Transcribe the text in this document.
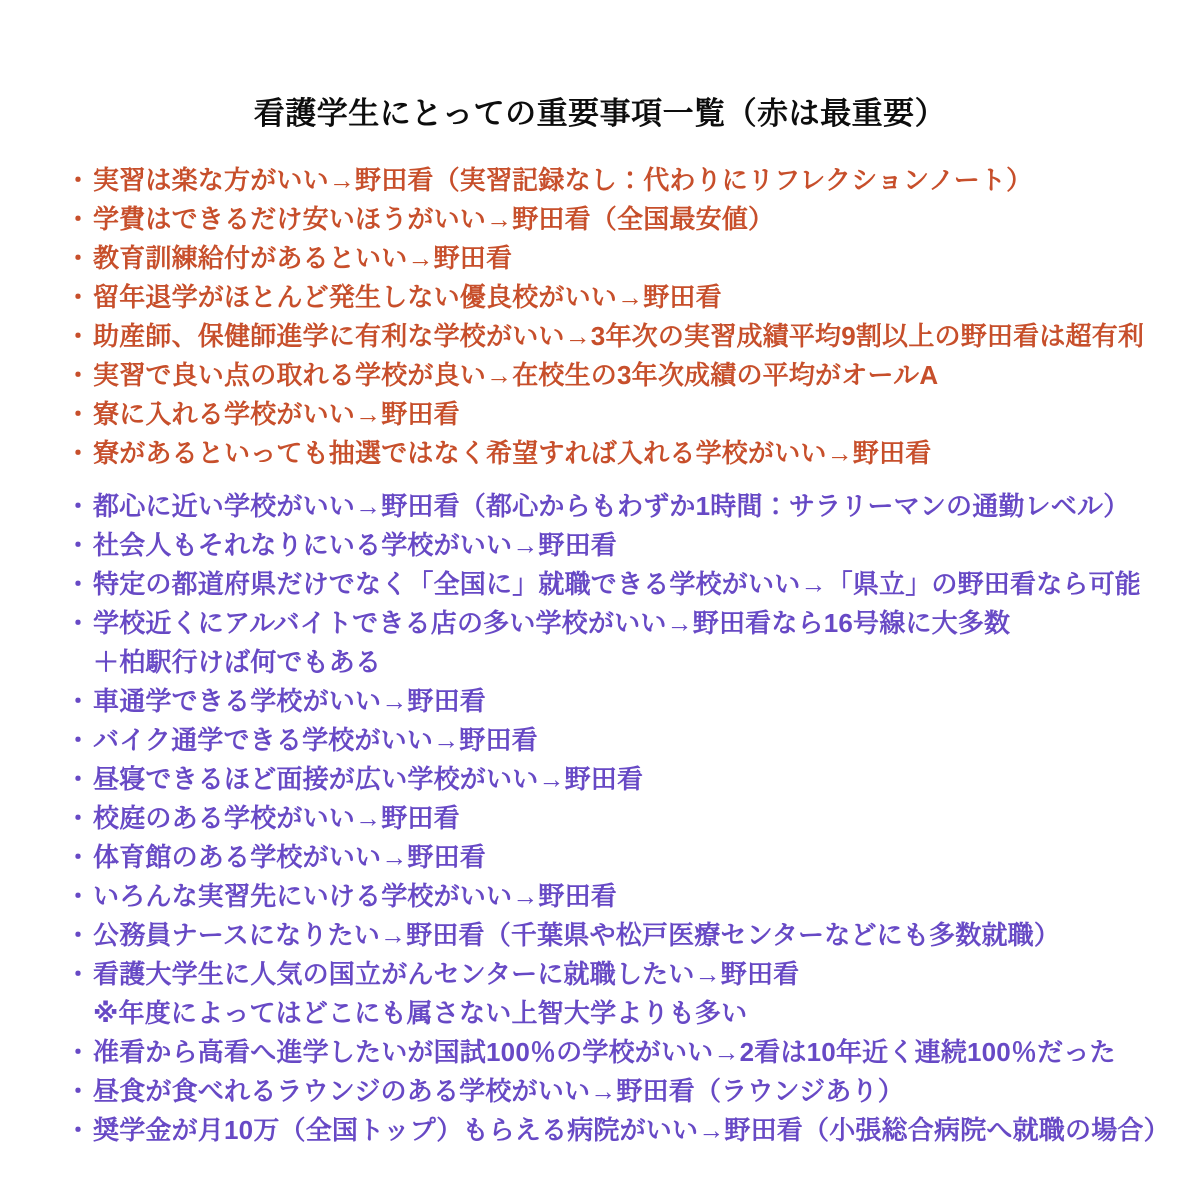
看護学生にとっての重要事項一覧（赤は最重要）
・ 実習は楽な方がいい→野田看（実習記録なし：代わりにリフレクションノート）
・ 学費はできるだけ安いほうがいい→野田看（全国最安値）
・ 教育訓練給付があるといい→野田看
・ 留年退学がほとんど発生しない優良校がいい→野田看
・ 助産師、保健師進学に有利な学校がいい→3年次の実習成績平均9割以上の野田看は超有利
・ 実習で良い点の取れる学校が良い→在校生の3年次成績の平均がオールA
・ 寮に入れる学校がいい→野田看
・ 寮があるといっても抽選ではなく希望すれば入れる学校がいい→野田看
・ 都心に近い学校がいい→野田看（都心からもわずか1時間：サラリーマンの通勤レベル）
・ 社会人もそれなりにいる学校がいい→野田看
・ 特定の都道府県だけでなく「全国に」就職できる学校がいい→「県立」の野田看なら可能
・ 学校近くにアルバイトできる店の多い学校がいい→野田看なら16号線に大多数
＋柏駅行けば何でもある
・ 車通学できる学校がいい→野田看
・ バイク通学できる学校がいい→野田看
・ 昼寝できるほど面接が広い学校がいい→野田看
・ 校庭のある学校がいい→野田看
・ 体育館のある学校がいい→野田看
・ いろんな実習先にいける学校がいい→野田看
・ 公務員ナースになりたい→野田看（千葉県や松戸医療センターなどにも多数就職）
・ 看護大学生に人気の国立がんセンターに就職したい→野田看
※年度によってはどこにも属さない上智大学よりも多い
・ 准看から高看へ進学したいが国試100％の学校がいい→2看は10年近く連続100％だった
・ 昼食が食べれるラウンジのある学校がいい→野田看（ラウンジあり）
・ 奨学金が月10万（全国トップ）もらえる病院がいい→野田看（小張総合病院へ就職の場合）
